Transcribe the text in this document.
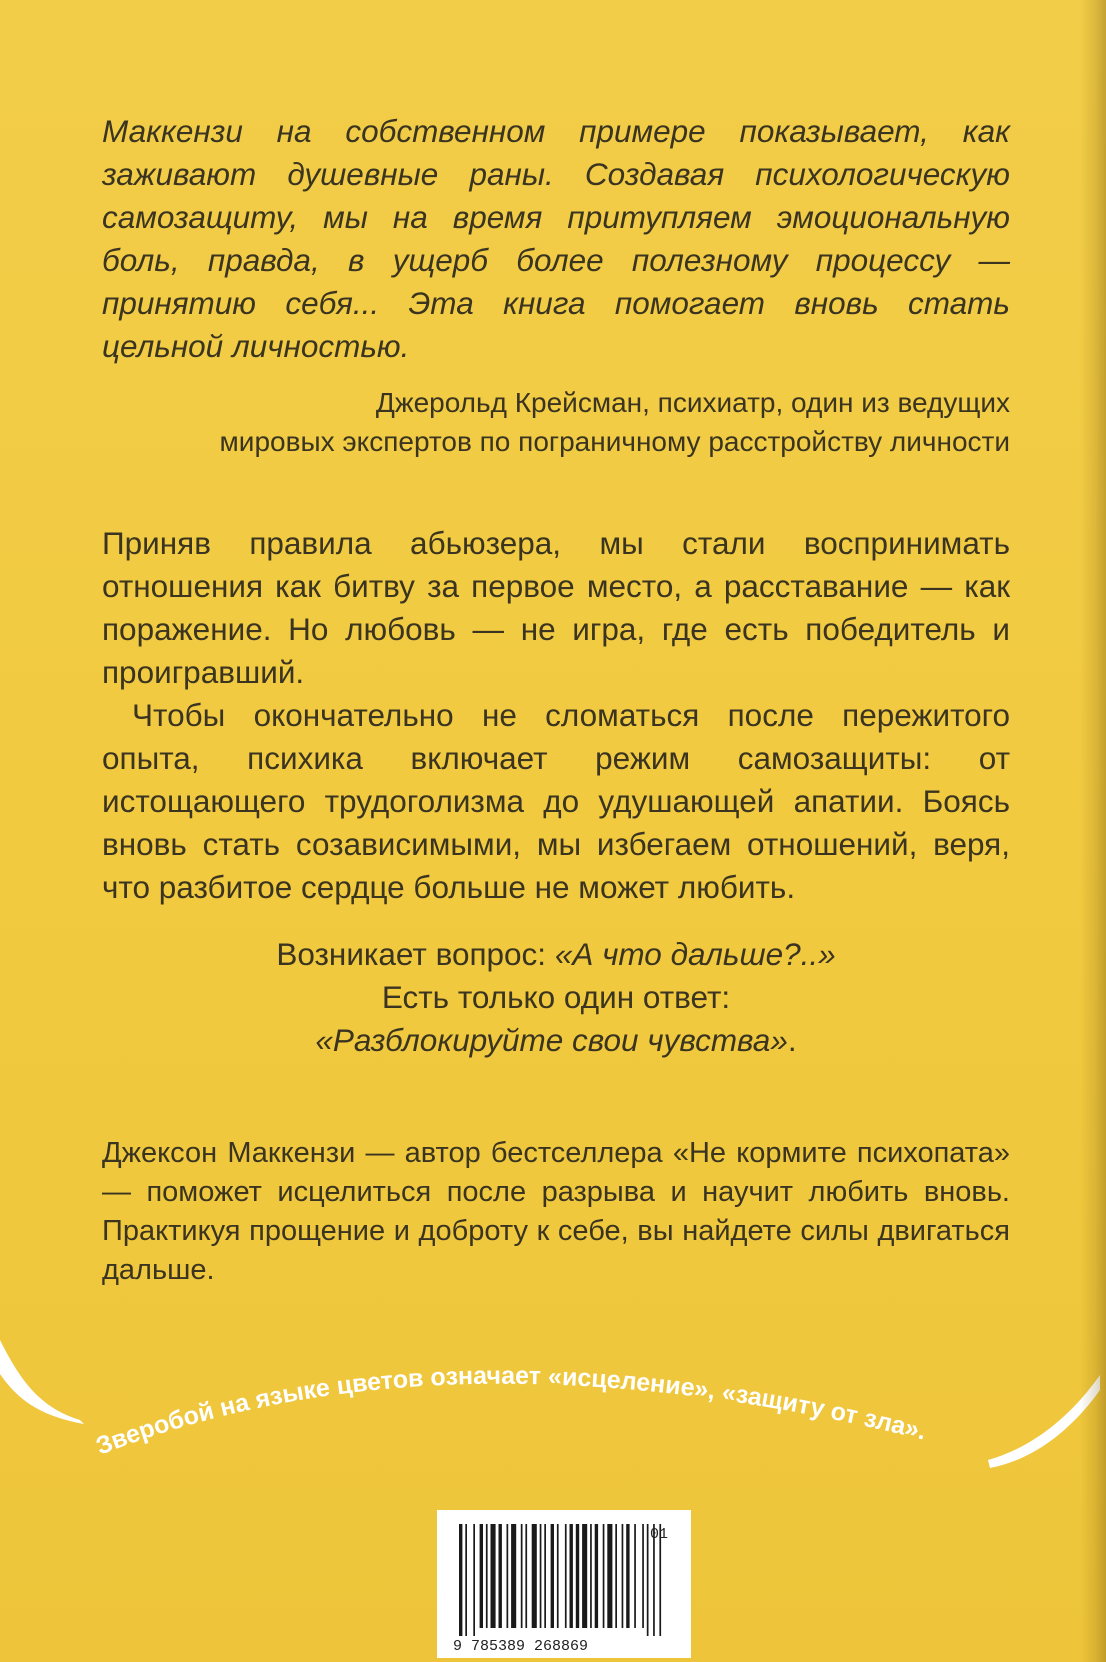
Маккензи на собственном примере показывает, как заживают душевные раны. Создавая психологическую самозащиту, мы на время притупляем эмоциональную боль, правда, в ущерб более полезному процессу — принятию себя... Эта книга помогает вновь стать цельной личностью.

Джерольд Крейсман, психиатр, один из ведущих
мировых экспертов по пограничному расстройству личности

Приняв правила абьюзера, мы стали воспринимать отношения как битву за первое место, а расставание — как поражение. Но любовь — не игра, где есть победитель и проигравший.

Чтобы окончательно не сломаться после пережитого опыта, психика включает режим самозащиты: от истощающего трудоголизма до удушающей апатии. Боясь вновь стать созависимыми, мы избегаем отношений, веря, что разбитое сердце больше не может любить.

Возникает вопрос: «А что дальше?..»
Есть только один ответ:
«Разблокируйте свои чувства».

Джексон Маккензи — автор бестселлера «Не кормите психопата» — поможет исцелиться после разрыва и научит любить вновь. Практикуя прощение и доброту к себе, вы найдете силы двигаться дальше.

Зверобой на языке цветов означает «исцеление», «защиту от зла».
9 785389 268869
01
